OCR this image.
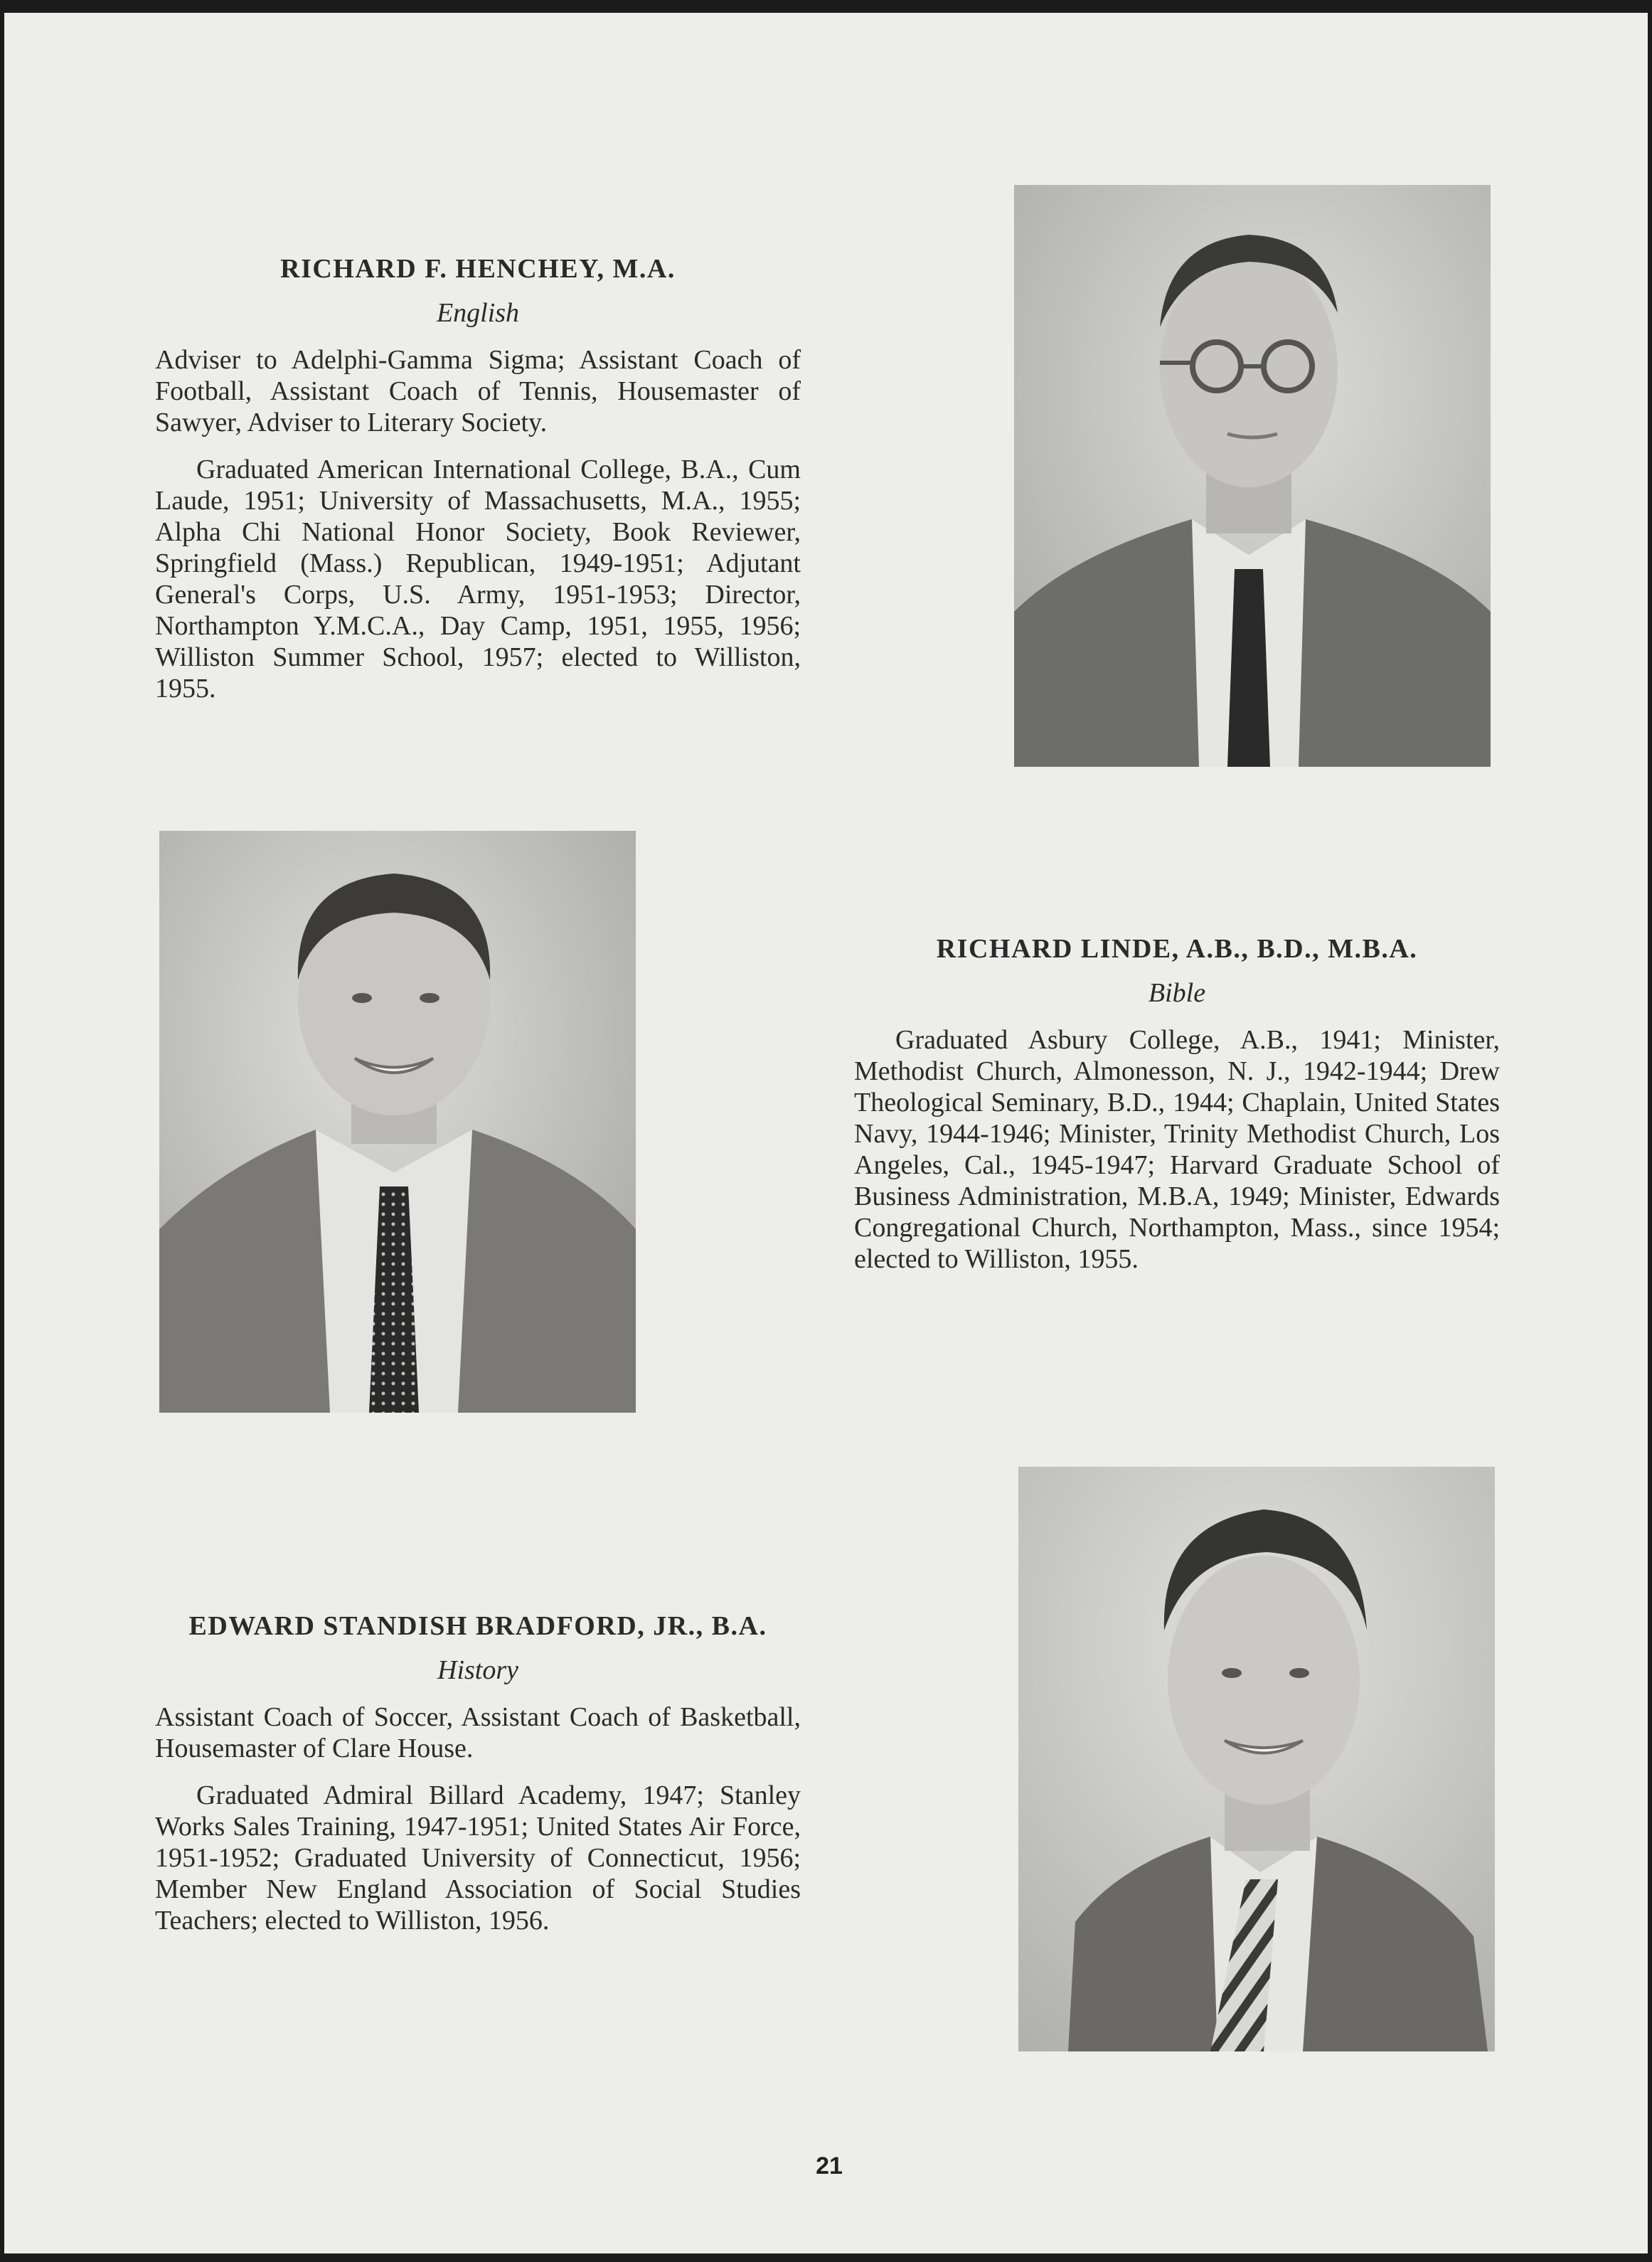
RICHARD F. HENCHEY, M.A.
English

Adviser to Adelphi-Gamma Sigma; Assistant Coach of Football, Assistant Coach of Tennis, Housemaster of Sawyer, Adviser to Literary Society.

Graduated American International College, B.A., Cum Laude, 1951; University of Massachusetts, M.A., 1955; Alpha Chi National Honor Society, Book Reviewer, Springfield (Mass.) Republican, 1949-1951; Adjutant General's Corps, U.S. Army, 1951-1953; Director, Northampton Y.M.C.A., Day Camp, 1951, 1955, 1956; Williston Summer School, 1957; elected to Williston, 1955.

RICHARD LINDE, A.B., B.D., M.B.A.
Bible

Graduated Asbury College, A.B., 1941; Minister, Methodist Church, Almonesson, N. J., 1942-1944; Drew Theological Seminary, B.D., 1944; Chaplain, United States Navy, 1944-1946; Minister, Trinity Methodist Church, Los Angeles, Cal., 1945-1947; Harvard Graduate School of Business Administration, M.B.A, 1949; Minister, Edwards Congregational Church, Northampton, Mass., since 1954; elected to Williston, 1955.

EDWARD STANDISH BRADFORD, JR., B.A.
History

Assistant Coach of Soccer, Assistant Coach of Basketball, Housemaster of Clare House.

Graduated Admiral Billard Academy, 1947; Stanley Works Sales Training, 1947-1951; United States Air Force, 1951-1952; Graduated University of Connecticut, 1956; Member New England Association of Social Studies Teachers; elected to Williston, 1956.

21
